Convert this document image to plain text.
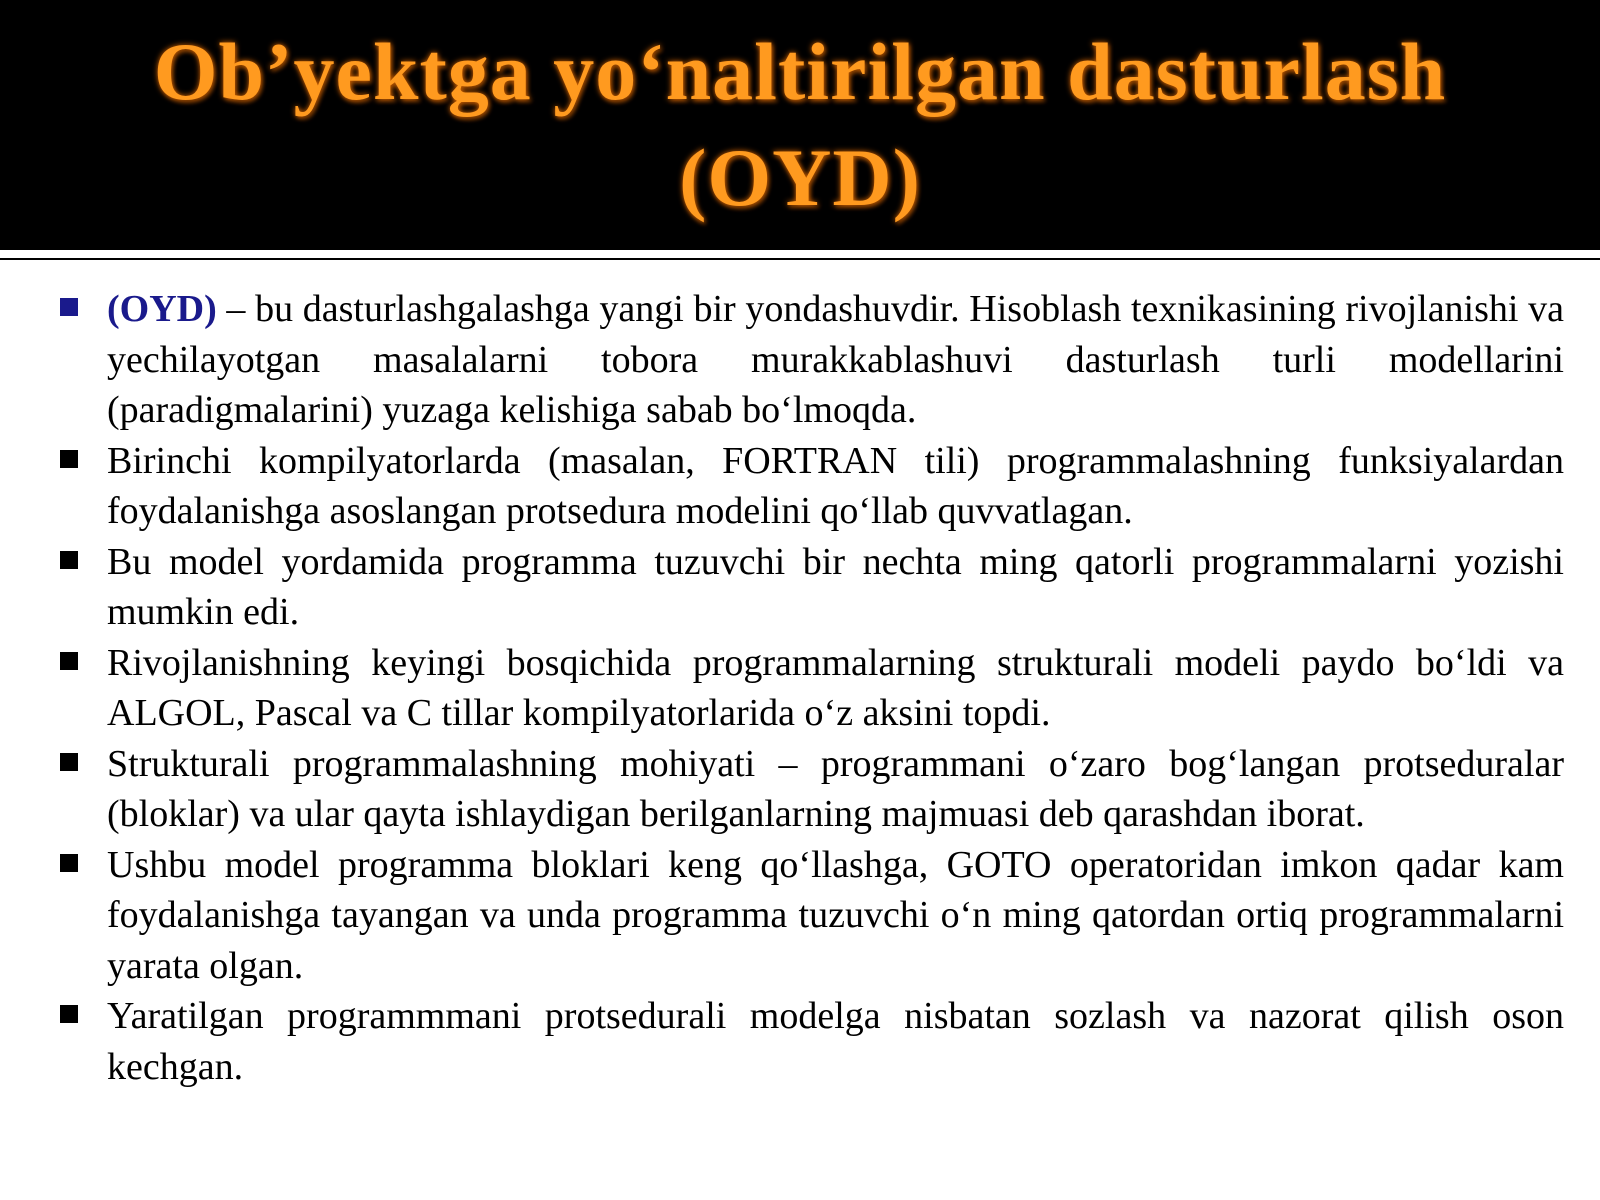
Ob’yektga yo‘naltirilgan dasturlash
(OYD)
(OYD) – bu dasturlashgalashga yangi bir yondashuvdir. Hisoblash texnikasining rivojlanishi va yechilayotgan masalalarni tobora murakkablashuvi dasturlash turli modellarini (paradigmalarini) yuzaga kelishiga sabab bo‘lmoqda.
Birinchi kompilyatorlarda (masalan, FORTRAN tili) programmalashning funksiyalardan foydalanishga asoslangan protsedura modelini qo‘llab quvvatlagan.
Bu model yordamida programma tuzuvchi bir nechta ming qatorli programmalarni yozishi mumkin edi.
Rivojlanishning keyingi bosqichida programmalarning strukturali modeli paydo bo‘ldi va ALGOL, Pascal va C tillar kompilyatorlarida o‘z aksini topdi.
Strukturali programmalashning mohiyati – programmani o‘zaro bog‘langan protseduralar (bloklar) va ular qayta ishlaydigan berilganlarning majmuasi deb qarashdan iborat.
Ushbu model programma bloklari keng qo‘llashga, GOTO operatoridan imkon qadar kam foydalanishga tayangan va unda programma tuzuvchi o‘n ming qatordan ortiq programmalarni yarata olgan.
Yaratilgan programmmani protsedurali modelga nisbatan sozlash va nazorat qilish oson kechgan.
